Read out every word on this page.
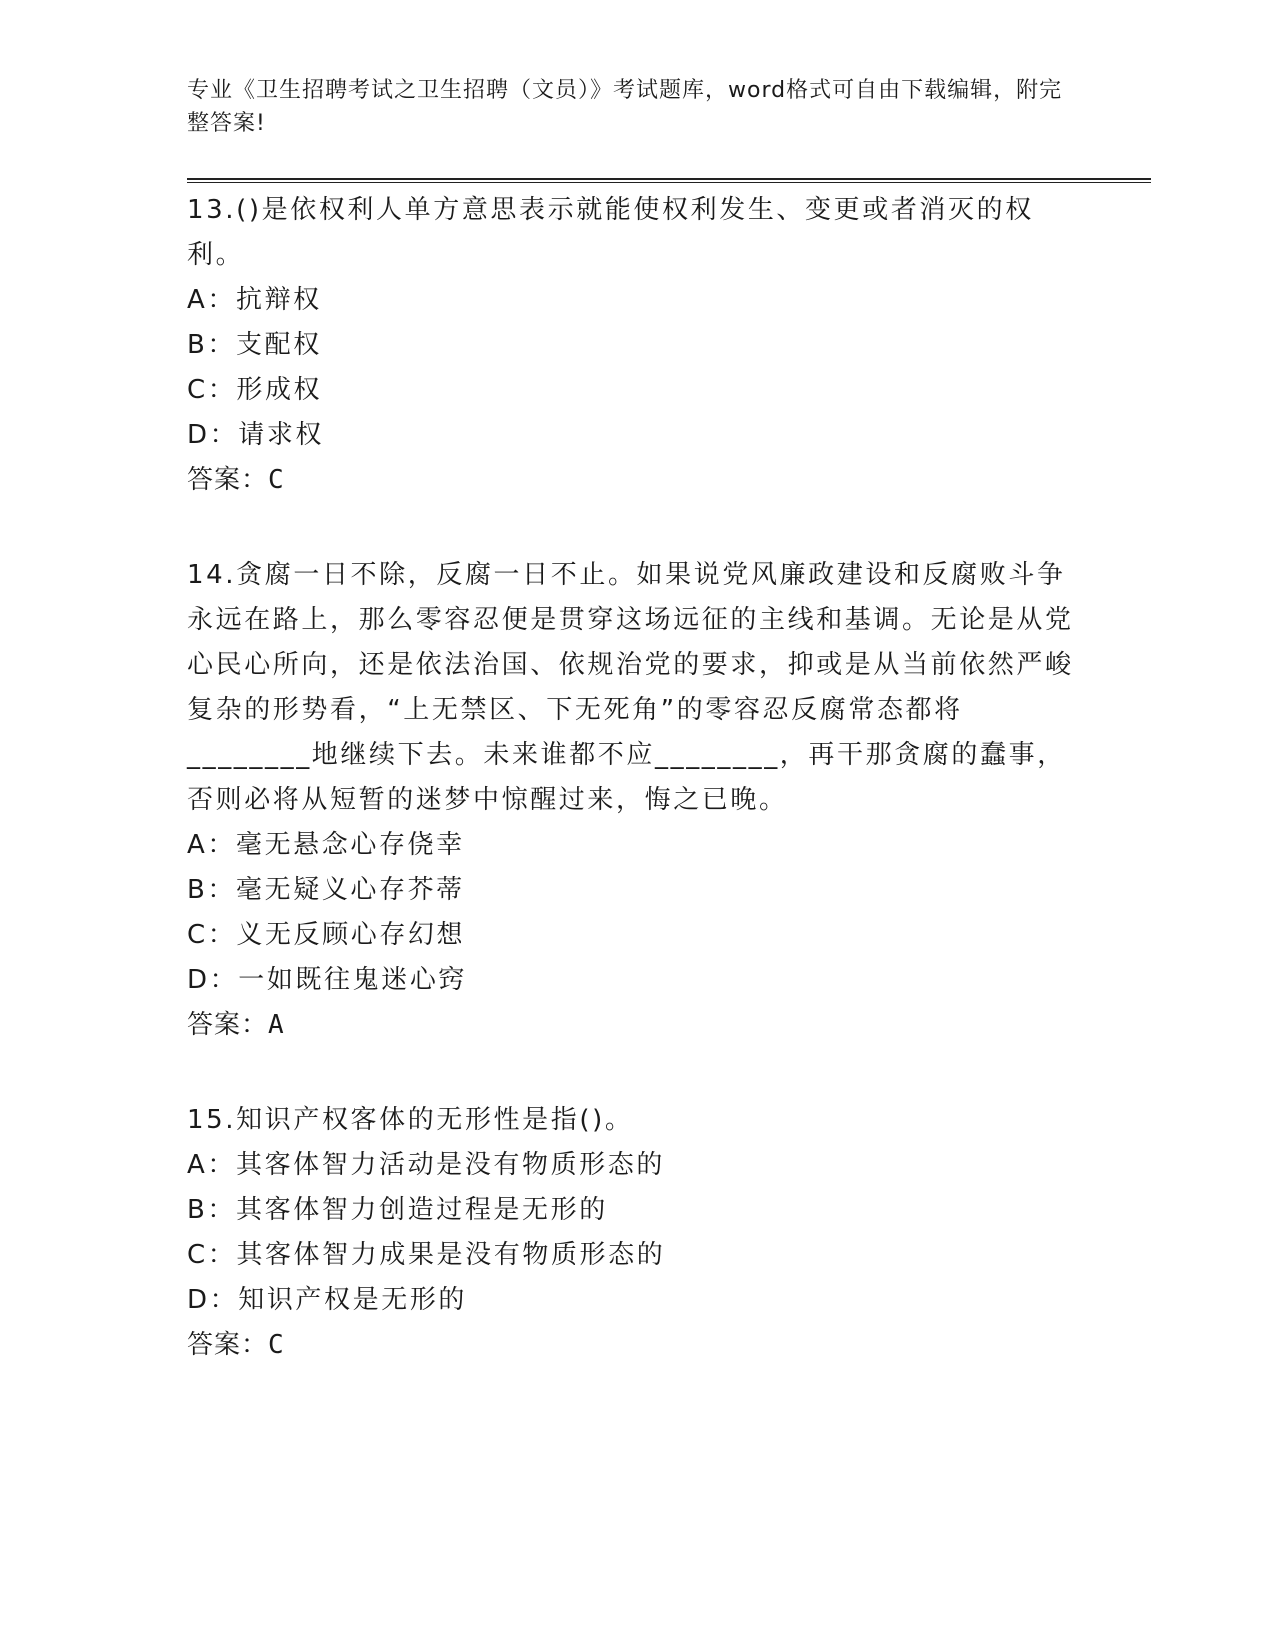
专业《卫生招聘考试之卫生招聘（文员）》考试题库，word格式可自由下载编辑，附完整答案!

13.()是依权利人单方意思表示就能使权利发生、变更或者消灭的权利。

A：抗辩权
B：支配权
C：形成权
D：请求权

答案：C

14.贪腐一日不除，反腐一日不止。如果说党风廉政建设和反腐败斗争永远在路上，那么零容忍便是贯穿这场远征的主线和基调。无论是从党心民心所向，还是依法治国、依规治党的要求，抑或是从当前依然严峻复杂的形势看，“上无禁区、下无死角”的零容忍反腐常态都将________地继续下去。未来谁都不应________，再干那贪腐的蠢事，否则必将从短暂的迷梦中惊醒过来，悔之已晚。

A：毫无悬念心存侥幸
B：毫无疑义心存芥蒂
C：义无反顾心存幻想
D：一如既往鬼迷心窍

答案：A

15.知识产权客体的无形性是指()。

A：其客体智力活动是没有物质形态的
B：其客体智力创造过程是无形的
C：其客体智力成果是没有物质形态的
D：知识产权是无形的

答案：C
